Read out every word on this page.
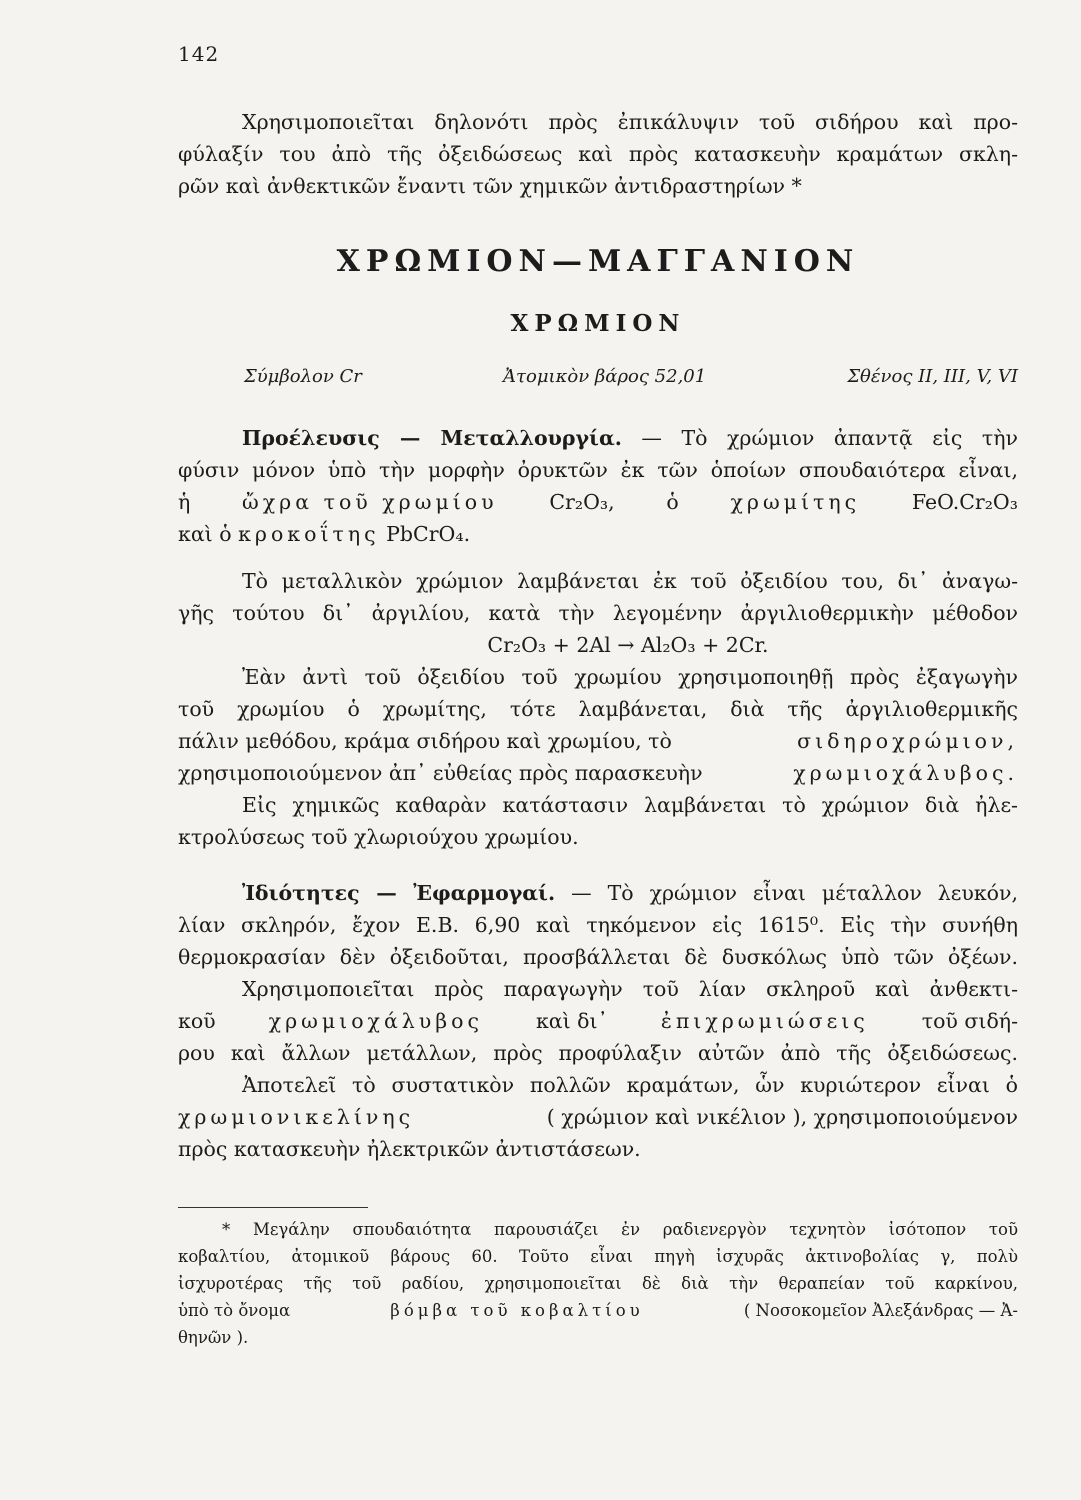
142
Χρησιμοποιεῖται δηλονότι πρὸς ἐπικάλυψιν τοῦ σιδήρου καὶ προ-
φύλαξίν του ἀπὸ τῆς ὀξειδώσεως καὶ πρὸς κατασκευὴν κραμάτων σκλη-
ρῶν καὶ ἀνθεκτικῶν ἔναντι τῶν χημικῶν ἀντιδραστηρίων *
ΧΡΩΜΙΟΝ—ΜΑΓΓΑΝΙΟΝ
ΧΡΩΜΙΟΝ
Σύμβολον Cr	Ἀτομικὸν βάρος 52,01	Σθένος II, III, V, VI
Προέλευσις — Μεταλλουργία. — Τὸ χρώμιον ἀπαντᾷ εἰς τὴν
φύσιν μόνον ὑπὸ τὴν μορφὴν ὀρυκτῶν ἐκ τῶν ὁποίων σπουδαιότερα εἶναι,
ἡ	ὤχρα τοῦ χρωμίου	Cr₂O₃,	ὁ	χρωμίτης	FeO.Cr₂O₃
καὶ ὁ κροκοΐτης PbCrO₄.
Τὸ μεταλλικὸν χρώμιον λαμβάνεται ἐκ τοῦ ὀξειδίου του, δι᾿ ἀναγω-
γῆς τούτου δι᾿ ἀργιλίου, κατὰ τὴν λεγομένην ἀργιλιοθερμικὴν μέθοδον
Cr₂O₃ + 2Al → Al₂O₃ + 2Cr.
Ἐὰν ἀντὶ τοῦ ὀξειδίου τοῦ χρωμίου χρησιμοποιηθῇ πρὸς ἐξαγωγὴν
τοῦ χρωμίου ὁ χρωμίτης, τότε λαμβάνεται, διὰ τῆς ἀργιλιοθερμικῆς
πάλιν μεθόδου, κράμα σιδήρου καὶ χρωμίου, τὸ	σιδηροχρώμιον,
χρησιμοποιούμενον ἀπ᾿ εὐθείας πρὸς παρασκευὴν	χρωμιοχάλυβος.
Εἰς χημικῶς καθαρὰν κατάστασιν λαμβάνεται τὸ χρώμιον διὰ ἠλε-
κτρολύσεως τοῦ χλωριούχου χρωμίου.
Ἰδιότητες — Ἐφαρμογαί. — Τὸ χρώμιον εἶναι μέταλλον λευκόν,
λίαν σκληρόν, ἔχον Ε.Β. 6,90 καὶ τηκόμενον εἰς 1615⁰. Εἰς τὴν συνήθη
θερμοκρασίαν δὲν ὀξειδοῦται, προσβάλλεται δὲ δυσκόλως ὑπὸ τῶν ὀξέων.
Χρησιμοποιεῖται πρὸς παραγωγὴν τοῦ λίαν σκληροῦ καὶ ἀνθεκτι-
κοῦ	χρωμιοχάλυβος	καὶ δι᾿	ἐπιχρωμιώσεις	τοῦ σιδή-
ρου καὶ ἄλλων μετάλλων, πρὸς προφύλαξιν αὐτῶν ἀπὸ τῆς ὀξειδώσεως.
Ἀποτελεῖ τὸ συστατικὸν πολλῶν κραμάτων, ὧν κυριώτερον εἶναι ὁ
χρωμιονικελίνης	( χρώμιον καὶ νικέλιον ), χρησιμοποιούμενον
πρὸς κατασκευὴν ἠλεκτρικῶν ἀντιστάσεων.
* Μεγάλην σπουδαιότητα παρουσιάζει ἐν ραδιενεργὸν τεχνητὸν ἰσότοπον τοῦ
κοβαλτίου, ἀτομικοῦ βάρους 60. Τοῦτο εἶναι πηγὴ ἰσχυρᾶς ἀκτινοβολίας γ, πολὺ
ἰσχυροτέρας τῆς τοῦ ραδίου, χρησιμοποιεῖται δὲ διὰ τὴν θεραπείαν τοῦ καρκίνου,
ὑπὸ τὸ ὄνομα	βόμβα τοῦ κοβαλτίου	( Νοσοκομεῖον Ἀλεξάνδρας — Ἀ-
θηνῶν ).
